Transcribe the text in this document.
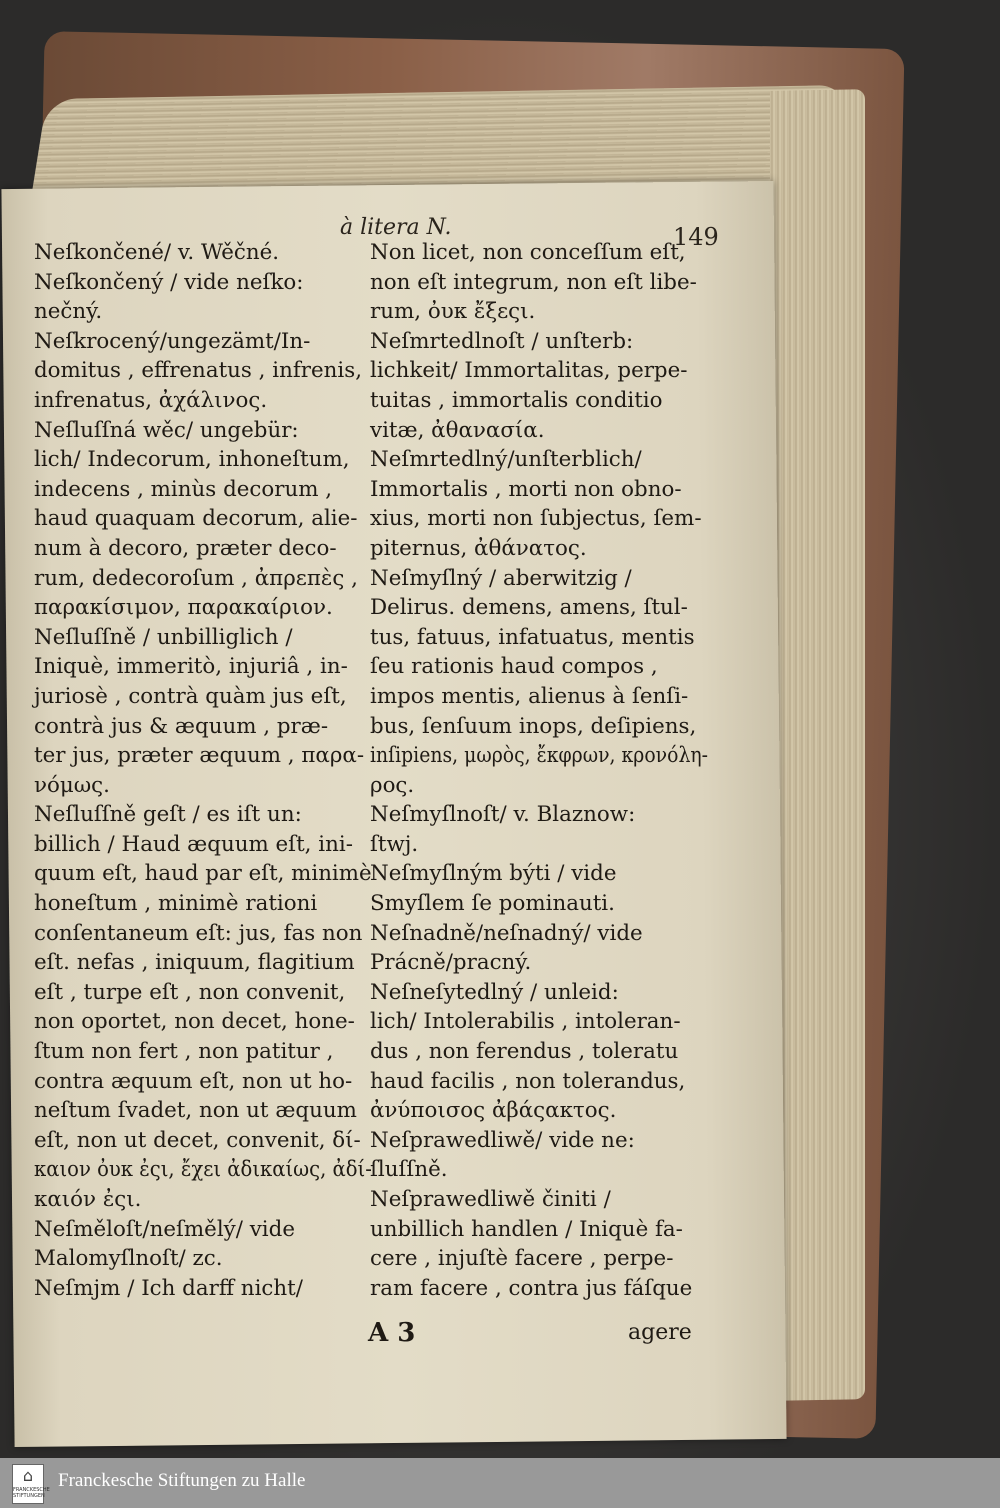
à litera N.	149
Neſkončené/ v. Wěčné.
Neſkončený / vide neſko:
nečný.
Neſkrocený/ungezämt/In-
domitus , effrenatus , infrenis,
infrenatus, ἀχάλινος.
Neſluſſná wěc/ ungebür:
lich/ Indecorum, inhoneſtum,
indecens , minùs decorum ,
haud quaquam decorum, alie-
num à decoro, præter deco-
rum, dedecoroſum , ἀπρεπὲς ,
παρακίσιμον, παρακαίριον.
Neſluſſně / unbilliglich /
Iniquè, immeritò, injuriâ , in-
juriosè , contrà quàm jus eſt,
contrà jus & æquum , præ-
ter jus, præter æquum , παρα-
νόμως.
Neſluſſně geſt / es iſt un:
billich / Haud æquum eſt, ini-
quum eſt, haud par eſt, minimè
honeſtum , minimè rationi
conſentaneum eſt: jus, fas non
eſt. nefas , iniquum, flagitium
eſt , turpe eſt , non convenit,
non oportet, non decet, hone-
ſtum non fert , non patitur ,
contra æquum eſt, non ut ho-
neſtum ſvadet, non ut æquum
eſt, non ut decet, convenit, δί-
καιον ὀυκ ἐςι, ἔχει ἀδικαίως, ἀδί-
καιόν ἐςι.
Neſměloſt/neſmělý/ vide
Malomyſlnoſt/ zc.
Neſmjm / Ich darff nicht/
Non licet, non conceſſum eſt,
non eſt integrum, non eſt libe-
rum, ὀυκ ἔξεςι.
Neſmrtedlnoſt / unſterb:
lichkeit/ Immortalitas, perpe-
tuitas , immortalis conditio
vitæ, ἀθανασία.
Neſmrtedlný/unſterblich/
Immortalis , morti non obno-
xius, morti non ſubjectus, ſem-
piternus, ἀθάνατος.
Neſmyſlný / aberwitzig /
Delirus. demens, amens, ſtul-
tus, fatuus, infatuatus, mentis
ſeu rationis haud compos ,
impos mentis, alienus à ſenſi-
bus, ſenſuum inops, deſipiens,
inſipiens, μωρὸς, ἔκφρων, κρονόλη-
ρος.
Neſmyſlnoſt/ v. Blaznow:
ſtwj.
Neſmyſlným býti / vide
Smyſlem ſe pominauti.
Neſnadně/neſnadný/ vide
Prácně/pracný.
Neſneſytedlný / unleid:
lich/ Intolerabilis , intoleran-
dus , non ferendus , toleratu
haud facilis , non tolerandus,
ἀνύποισος ἀβάςακτος.
Neſprawedliwě/ vide ne:
ſluſſně.
Neſprawedliwě činiti /
unbillich handlen / Iniquè fa-
cere , injuſtè facere , perpe-
ram facere , contra jus fáſque
A 3	agere
⌂
FRANCKESCHE STIFTUNGEN
Franckesche Stiftungen zu Halle
